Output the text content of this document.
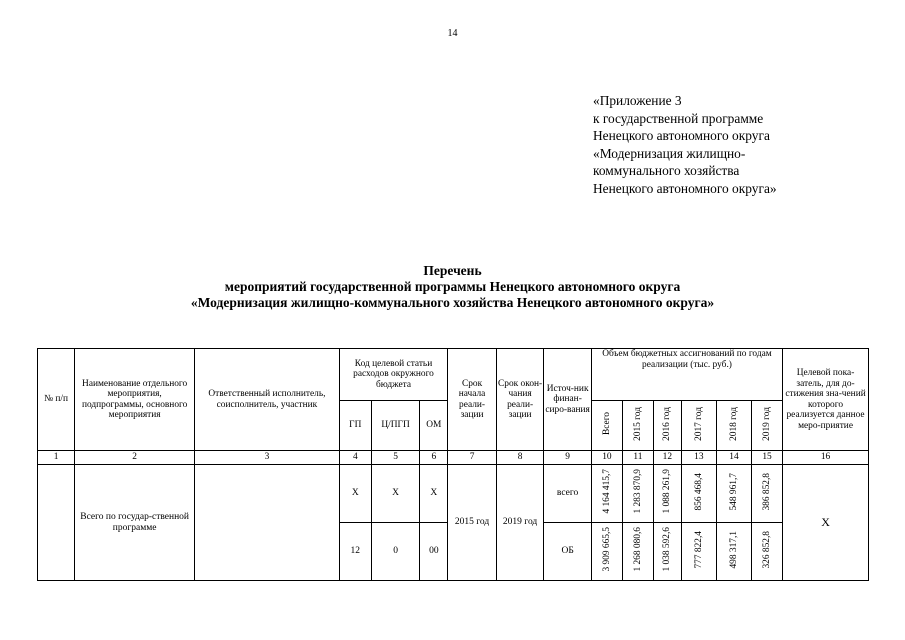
14
«Приложение 3
к государственной программе
Ненецкого автономного округа
«Модернизация жилищно-
коммунального хозяйства
Ненецкого автономного округа»
Перечень
мероприятий государственной программы Ненецкого автономного округа
«Модернизация жилищно-коммунального хозяйства Ненецкого автономного округа»
№ п/п	Наименование отдельного мероприятия, подпрограммы, основного мероприятия	Ответственный исполнитель, соисполнитель, участник	Код целевой статьи расходов окружного бюджета			Срок начала реали-зации	Срок окон-чания реали-зации	Источ-ник финан-сиро-вания	Объем бюджетных ассигнований по годам реализации (тыс. руб.)						Целевой пока-затель, для до-стижения зна-чений которого реализуется данное меро-приятие
			ГП	Ц/ПГП	ОМ				Всего	2015 год	2016 год	2017 год	2018 год	2019 год	
1	2	3	4	5	6	7	8	9	10	11	12	13	14	15	16
	Всего по государ-ственной программе		Х	Х	Х	2015 год	2019 год	всего	4 164 415,7	1 283 870,9	1 088 261,9	856 468,4	548 961,7	386 852,8	Х
			12	0	00			ОБ	3 909 665,5	1 268 080,6	1 038 592,6	777 822,4	498 317,1	326 852,8	
